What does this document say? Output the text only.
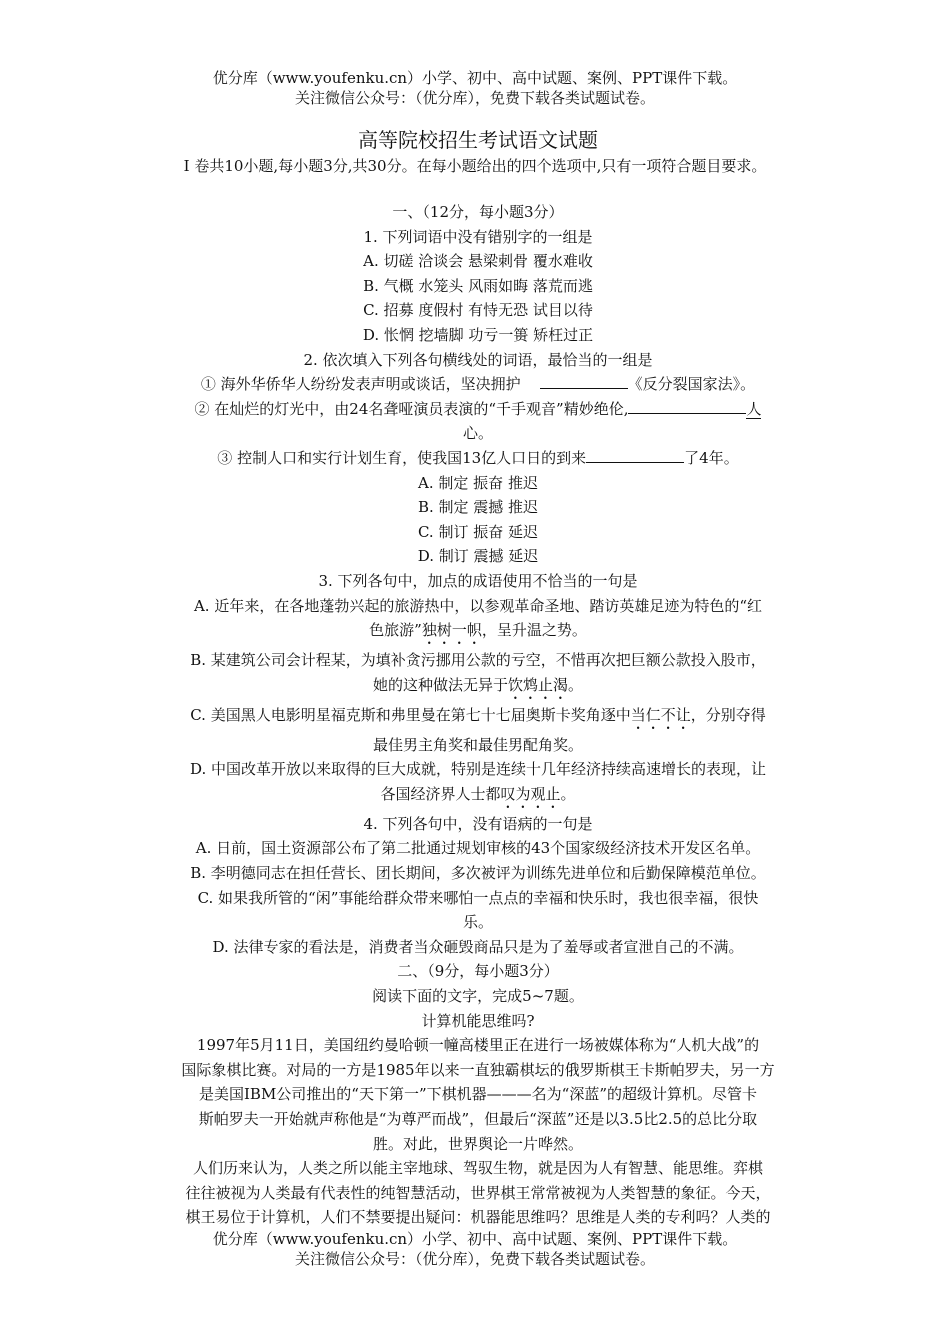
优分库（www.youfenku.cn）小学、初中、高中试题、案例、PPT课件下载。
关注微信公众号：（优分库），免费下载各类试题试卷。
高等院校招生考试语文试题
Ⅰ 卷共10小题,每小题3分,共30分。在每小题给出的四个选项中,只有一项符合题目要求。

一、（12分，每小题3分）

1. 下列词语中没有错别字的一组是

A. 切磋 洽谈会 悬梁刺骨 覆水难收

B. 气概 水笼头 风雨如晦 落荒而逃

C. 招募 度假村 有恃无恐 试目以待

D. 怅惘 挖墙脚 功亏一篑 矫枉过正

2. 依次填入下列各句横线处的词语，最恰当的一组是

① 海外华侨华人纷纷发表声明或谈话，坚决拥护	《反分裂国家法》。

② 在灿烂的灯光中，由24名聋哑演员表演的“千手观音”精妙绝伦,	人

心。

③ 控制人口和实行计划生育，使我国13亿人口日的到来	了4年。

A. 制定 振奋 推迟

B. 制定 震撼 推迟

C. 制订 振奋 延迟

D. 制订 震撼 延迟

3. 下列各句中，加点的成语使用不恰当的一句是

A. 近年来，在各地蓬勃兴起的旅游热中，以参观革命圣地、踏访英雄足迹为特色的“红

色旅游”独树一帜，呈升温之势。

B. 某建筑公司会计程某，为填补贪污挪用公款的亏空，不惜再次把巨额公款投入股市，

她的这种做法无异于饮鸩止渴。

C. 美国黑人电影明星福克斯和弗里曼在第七十七届奥斯卡奖角逐中当仁不让，分别夺得

最佳男主角奖和最佳男配角奖。

D. 中国改革开放以来取得的巨大成就，特别是连续十几年经济持续高速增长的表现，让

各国经济界人士都叹为观止。

4. 下列各句中，没有语病的一句是

A. 日前，国土资源部公布了第二批通过规划审核的43个国家级经济技术开发区名单。

B. 李明德同志在担任营长、团长期间，多次被评为训练先进单位和后勤保障模范单位。

C. 如果我所管的“闲”事能给群众带来哪怕一点点的幸福和快乐时，我也很幸福，很快

乐。

D. 法律专家的看法是，消费者当众砸毁商品只是为了羞辱或者宣泄自己的不满。

二、（9分，每小题3分）

阅读下面的文字，完成5~7题。

计算机能思维吗?

1997年5月11日，美国纽约曼哈顿一幢高楼里正在进行一场被媒体称为“人机大战”的

国际象棋比赛。对局的一方是1985年以来一直独霸棋坛的俄罗斯棋王卡斯帕罗夫，另一方

是美国IBM公司推出的“天下第一”下棋机器———名为“深蓝”的超级计算机。尽管卡

斯帕罗夫一开始就声称他是“为尊严而战”，但最后“深蓝”还是以3.5比2.5的总比分取

胜。对此，世界舆论一片哗然。

人们历来认为，人类之所以能主宰地球、驾驭生物，就是因为人有智慧、能思维。弈棋

往往被视为人类最有代表性的纯智慧活动，世界棋王常常被视为人类智慧的象征。今天，

棋王易位于计算机，人们不禁要提出疑问：机器能思维吗？思维是人类的专利吗？人类的

优分库（www.youfenku.cn）小学、初中、高中试题、案例、PPT课件下载。
关注微信公众号：（优分库），免费下载各类试题试卷。
